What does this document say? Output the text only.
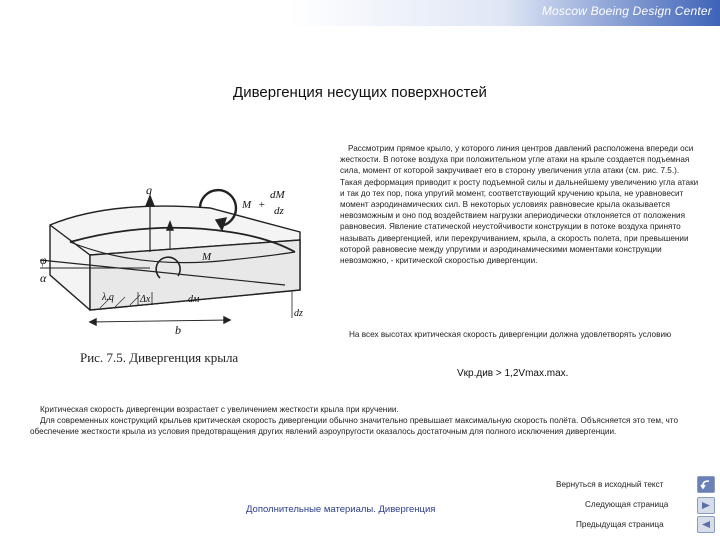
Moscow Boeing Design Center
Дивергенция несущих поверхностей
Рассмотрим прямое крыло, у которого линия центров давлений расположена впереди оси жесткости. В потоке воздуха при положительном угле атаки на крыле создается подъемная сила, момент от которой закручивает его в сторону увеличения угла атаки (см. рис. 7.5.). Такая деформация приводит к росту подъемной силы и дальнейшему увеличению угла атаки и так до тех пор, пока упругий момент, соответствующий кручению крыла, не уравновесит момент аэродинамических сил. В некоторых условиях равновесие крыла оказывается невозможным и оно под воздействием нагрузки апериодически отклоняется от положения равновесия. Явление статической неустойчивости конструкции в потоке воздуха принято называть дивергенцией, или перекручиванием, крыла, а скорость полета, при превышении которой равновесие между упругими и аэродинамическими моментами конструкции невозможно, - критической скоростью дивергенции.
q
M +
dM
dz
M
α
φ
Δx
λ.q
dz
b
dм
Рис. 7.5. Дивергенция крыла
На всех высотах критическая скорость дивергенции должна удовлетворять условию
Vкр.див > 1,2Vmax.max.
Критическая скорость дивергенции возрастает с увеличением жесткости крыла при кручении.
Для современных конструкций крыльев критическая скорость дивергенции обычно значительно превышает максимальную скорость полёта. Объясняется это тем, что обеспечение жесткости крыла из условия предотвращения других явлений аэроупругости оказалось достаточным для полного исключения дивергенции.
Вернуться в исходный текст
Дополнительные материалы. Дивергенция	Следующая страница
Предыдущая страница
